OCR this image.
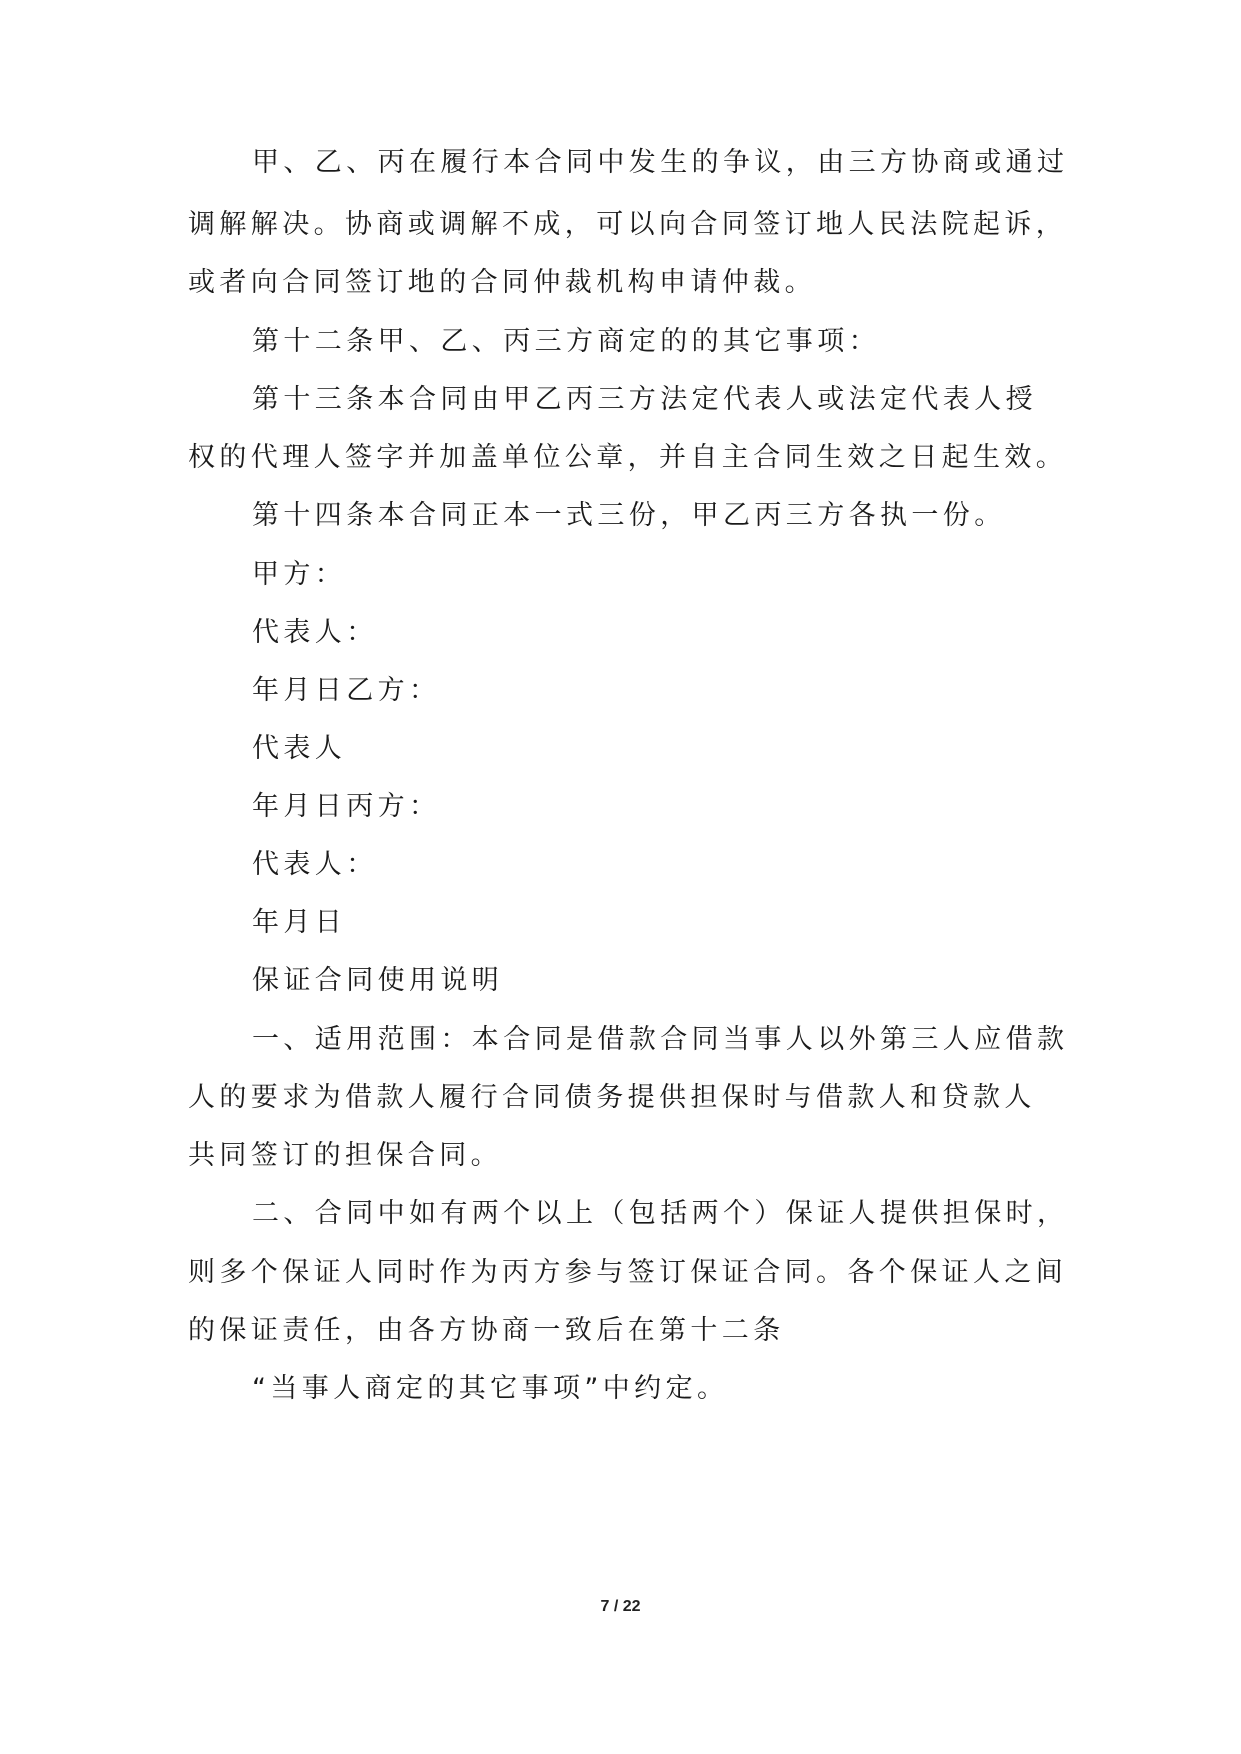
甲、乙、丙在履行本合同中发生的争议，由三方协商或通过
调解解决。协商或调解不成，可以向合同签订地人民法院起诉，
或者向合同签订地的合同仲裁机构申请仲裁。
第十二条甲、乙、丙三方商定的的其它事项：
第十三条本合同由甲乙丙三方法定代表人或法定代表人授
权的代理人签字并加盖单位公章，并自主合同生效之日起生效。
第十四条本合同正本一式三份，甲乙丙三方各执一份。
甲方：
代表人：
年月日乙方：
代表人
年月日丙方：
代表人：
年月日
保证合同使用说明
一、适用范围：本合同是借款合同当事人以外第三人应借款
人的要求为借款人履行合同债务提供担保时与借款人和贷款人
共同签订的担保合同。
二、合同中如有两个以上（包括两个）保证人提供担保时，
则多个保证人同时作为丙方参与签订保证合同。各个保证人之间
的保证责任，由各方协商一致后在第十二条
“当事人商定的其它事项”中约定。
7 / 22
